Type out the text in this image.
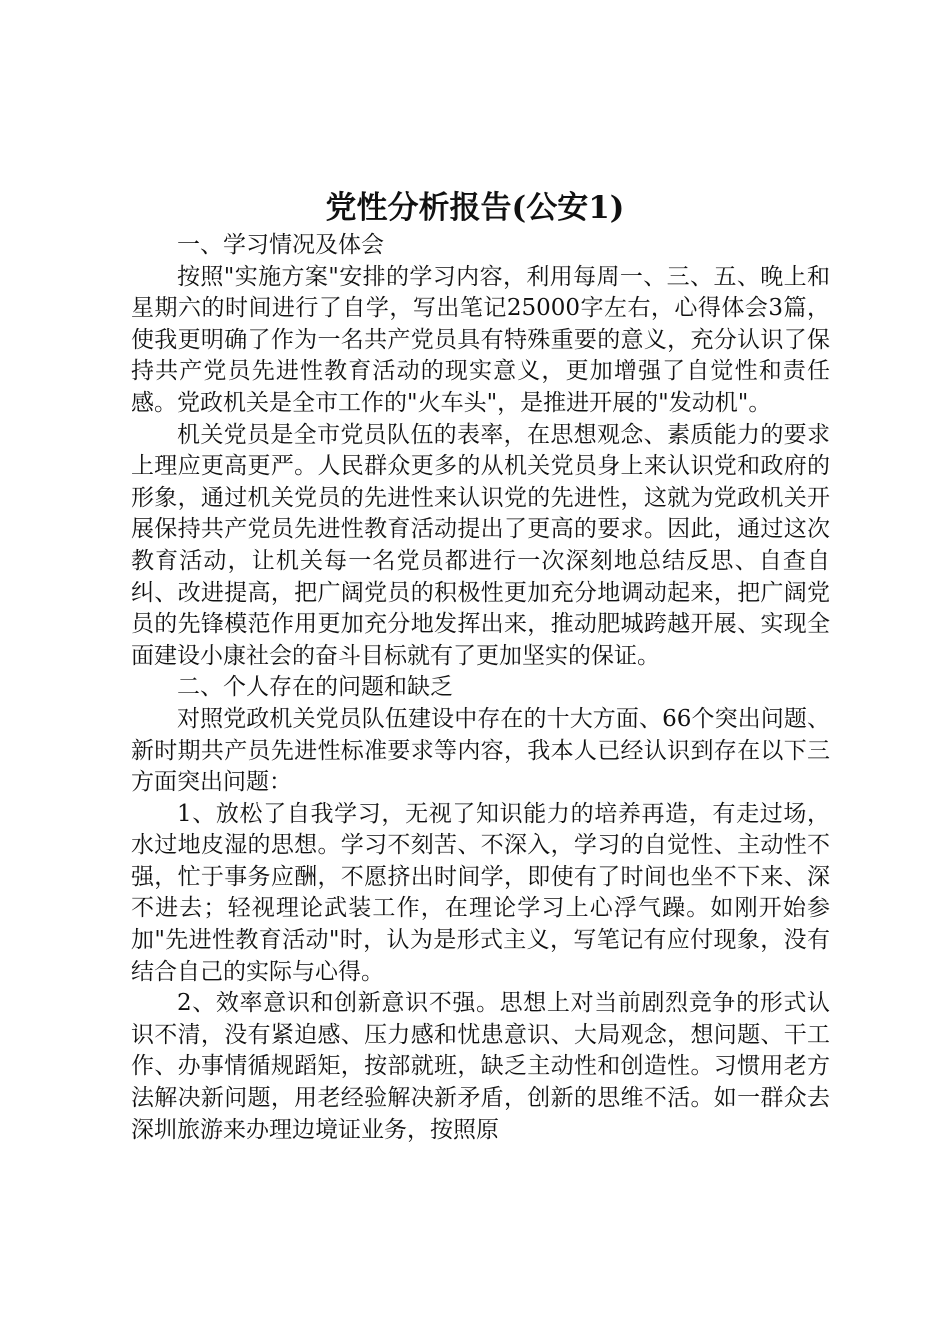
党性分析报告(公安1)

一、学习情况及体会

按照"实施方案"安排的学习内容，利用每周一、三、五、晚上和星期六的时间进行了自学，写出笔记25000字左右，心得体会3篇，使我更明确了作为一名共产党员具有特殊重要的意义，充分认识了保持共产党员先进性教育活动的现实意义，更加增强了自觉性和责任感。党政机关是全市工作的"火车头"，是推进开展的"发动机"。

机关党员是全市党员队伍的表率，在思想观念、素质能力的要求上理应更高更严。人民群众更多的从机关党员身上来认识党和政府的形象，通过机关党员的先进性来认识党的先进性，这就为党政机关开展保持共产党员先进性教育活动提出了更高的要求。因此，通过这次教育活动，让机关每一名党员都进行一次深刻地总结反思、自查自纠、改进提高，把广阔党员的积极性更加充分地调动起来，把广阔党员的先锋模范作用更加充分地发挥出来，推动肥城跨越开展、实现全面建设小康社会的奋斗目标就有了更加坚实的保证。

二、个人存在的问题和缺乏

对照党政机关党员队伍建设中存在的十大方面、66个突出问题、新时期共产员先进性标准要求等内容，我本人已经认识到存在以下三方面突出问题：

1、放松了自我学习，无视了知识能力的培养再造，有走过场，水过地皮湿的思想。学习不刻苦、不深入，学习的自觉性、主动性不强，忙于事务应酬，不愿挤出时间学，即使有了时间也坐不下来、深不进去；轻视理论武装工作，在理论学习上心浮气躁。如刚开始参加"先进性教育活动"时，认为是形式主义，写笔记有应付现象，没有结合自己的实际与心得。

2、效率意识和创新意识不强。思想上对当前剧烈竞争的形式认识不清，没有紧迫感、压力感和忧患意识、大局观念，想问题、干工作、办事情循规蹈矩，按部就班，缺乏主动性和创造性。习惯用老方法解决新问题，用老经验解决新矛盾，创新的思维不活。如一群众去深圳旅游来办理边境证业务，按照原
